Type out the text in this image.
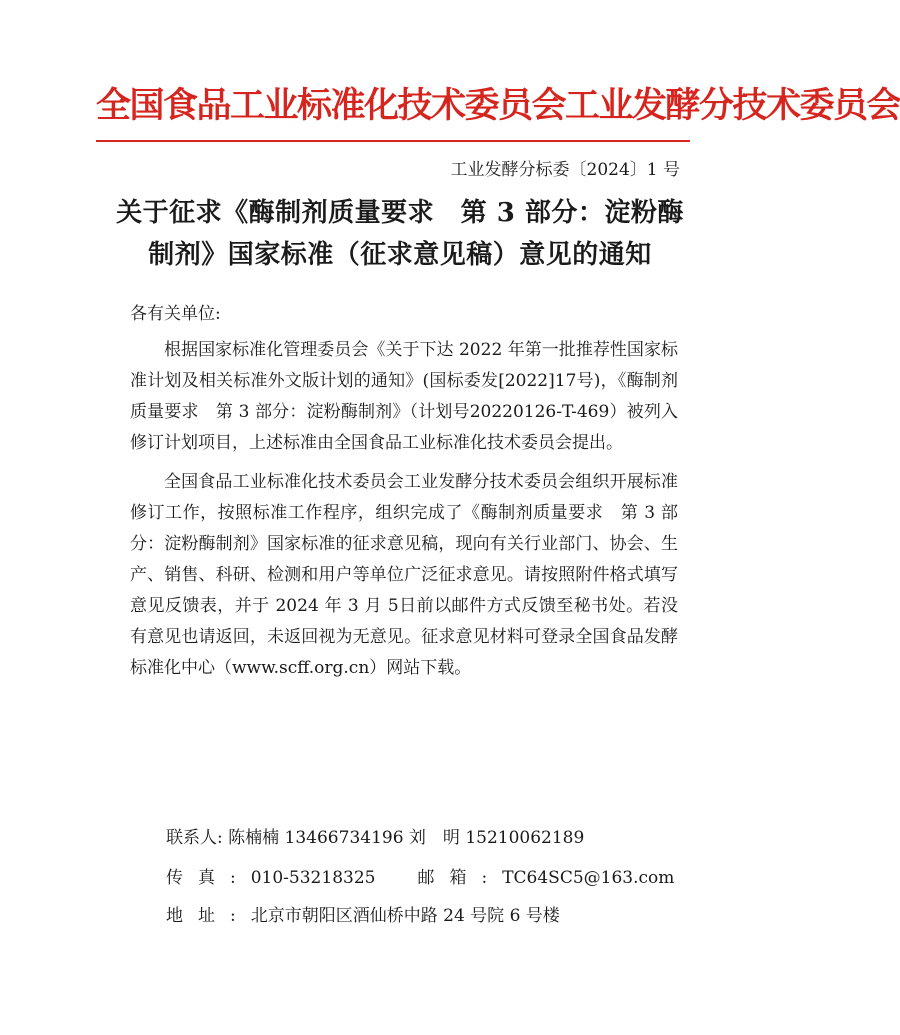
全国食品工业标准化技术委员会工业发酵分技术委员会
工业发酵分标委〔2024〕1 号
关于征求《酶制剂质量要求　第 3 部分：淀粉酶
制剂》国家标准（征求意见稿）意见的通知
各有关单位:

根据国家标准化管理委员会《关于下达 2022 年第一批推荐性国家标准计划及相关标准外文版计划的通知》(国标委发[2022]17号)，《酶制剂质量要求　第 3 部分：淀粉酶制剂》（计划号20220126-T-469）被列入修订计划项目，上述标准由全国食品工业标准化技术委员会提出。

全国食品工业标准化技术委员会工业发酵分技术委员会组织开展标准修订工作，按照标准工作程序，组织完成了《酶制剂质量要求　第 3 部分：淀粉酶制剂》国家标准的征求意见稿，现向有关行业部门、协会、生产、销售、科研、检测和用户等单位广泛征求意见。请按照附件格式填写意见反馈表，并于 2024 年 3 月 5日前以邮件方式反馈至秘书处。若没有意见也请返回，未返回视为无意见。征求意见材料可登录全国食品发酵标准化中心（www.scff.org.cn）网站下载。

联系人: 陈楠楠 13466734196 刘　明 15210062189
传真:010-53218325 邮箱:TC64SC5@163.com
地址:北京市朝阳区酒仙桥中路 24 号院 6 号楼
